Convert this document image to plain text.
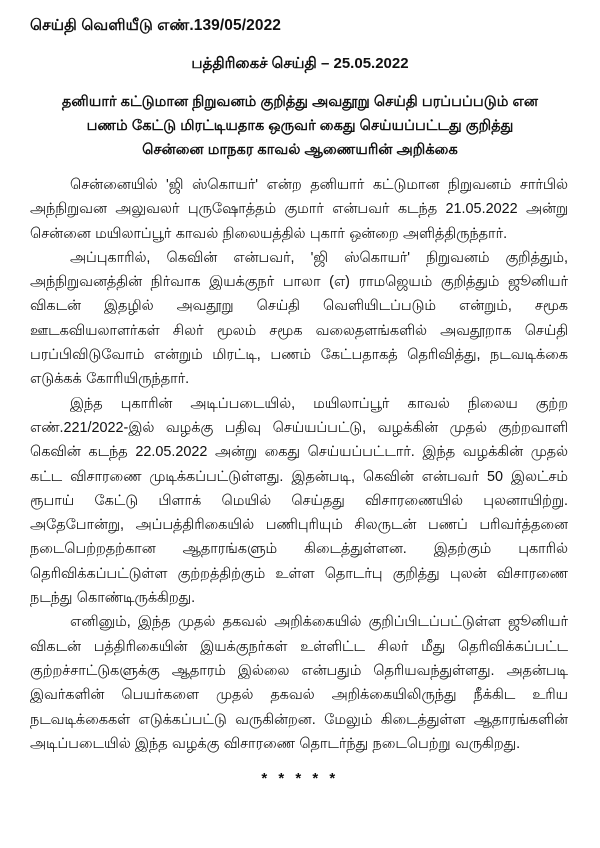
செய்தி வெளியீடு எண்.139/05/2022
பத்திரிகைச் செய்தி – 25.05.2022
தனியார் கட்டுமான நிறுவனம் குறித்து அவதூறு செய்தி பரப்பப்படும் என
பணம் கேட்டு மிரட்டியதாக ஒருவர் கைது செய்யப்பட்டது குறித்து
சென்னை மாநகர காவல் ஆணையரின் அறிக்கை

சென்னையில் 'ஜி ஸ்கொயர்' என்ற தனியார் கட்டுமான நிறுவனம் சார்பில் அந்நிறுவன அலுவலர் புருஷோத்தம் குமார் என்பவர் கடந்த 21.05.2022 அன்று சென்னை மயிலாப்பூர் காவல் நிலையத்தில் புகார் ஒன்றை அளித்திருந்தார்.

அப்புகாரில், கெவின் என்பவர், 'ஜி ஸ்கொயர்' நிறுவனம் குறித்தும், அந்நிறுவனத்தின் நிர்வாக இயக்குநர் பாலா (எ) ராமஜெயம் குறித்தும் ஜூனியர் விகடன் இதழில் அவதூறு செய்தி வெளியிடப்படும் என்றும், சமூக ஊடகவியலாளர்கள் சிலர் மூலம் சமூக வலைதளங்களில் அவதூறாக செய்தி பரப்பிவிடுவோம் என்றும் மிரட்டி, பணம் கேட்பதாகத் தெரிவித்து, நடவடிக்கை எடுக்கக் கோரியிருந்தார்.

இந்த புகாரின் அடிப்படையில், மயிலாப்பூர் காவல் நிலைய குற்ற எண்.221/2022-இல் வழக்கு பதிவு செய்யப்பட்டு, வழக்கின் முதல் குற்றவாளி கெவின் கடந்த 22.05.2022 அன்று கைது செய்யப்பட்டார். இந்த வழக்கின் முதல் கட்ட விசாரணை முடிக்கப்பட்டுள்ளது. இதன்படி, கெவின் என்பவர் 50 இலட்சம் ரூபாய் கேட்டு பிளாக் மெயில் செய்தது விசாரணையில் புலனாயிற்று. அதேபோன்று, அப்பத்திரிகையில் பணிபுரியும் சிலருடன் பணப் பரிவர்த்தனை நடைபெற்றதற்கான ஆதாரங்களும் கிடைத்துள்ளன. இதற்கும் புகாரில் தெரிவிக்கப்பட்டுள்ள குற்றத்திற்கும் உள்ள தொடர்பு குறித்து புலன் விசாரணை நடந்து கொண்டிருக்கிறது.

எனினும், இந்த முதல் தகவல் அறிக்கையில் குறிப்பிடப்பட்டுள்ள ஜூனியர் விகடன் பத்திரிகையின் இயக்குநர்கள் உள்ளிட்ட சிலர் மீது தெரிவிக்கப்பட்ட குற்றச்சாட்டுகளுக்கு ஆதாரம் இல்லை என்பதும் தெரியவந்துள்ளது. அதன்படி இவர்களின் பெயர்களை முதல் தகவல் அறிக்கையிலிருந்து நீக்கிட உரிய நடவடிக்கைகள் எடுக்கப்பட்டு வருகின்றன. மேலும் கிடைத்துள்ள ஆதாரங்களின் அடிப்படையில் இந்த வழக்கு விசாரணை தொடர்ந்து நடைபெற்று வருகிறது.

* * * * *
